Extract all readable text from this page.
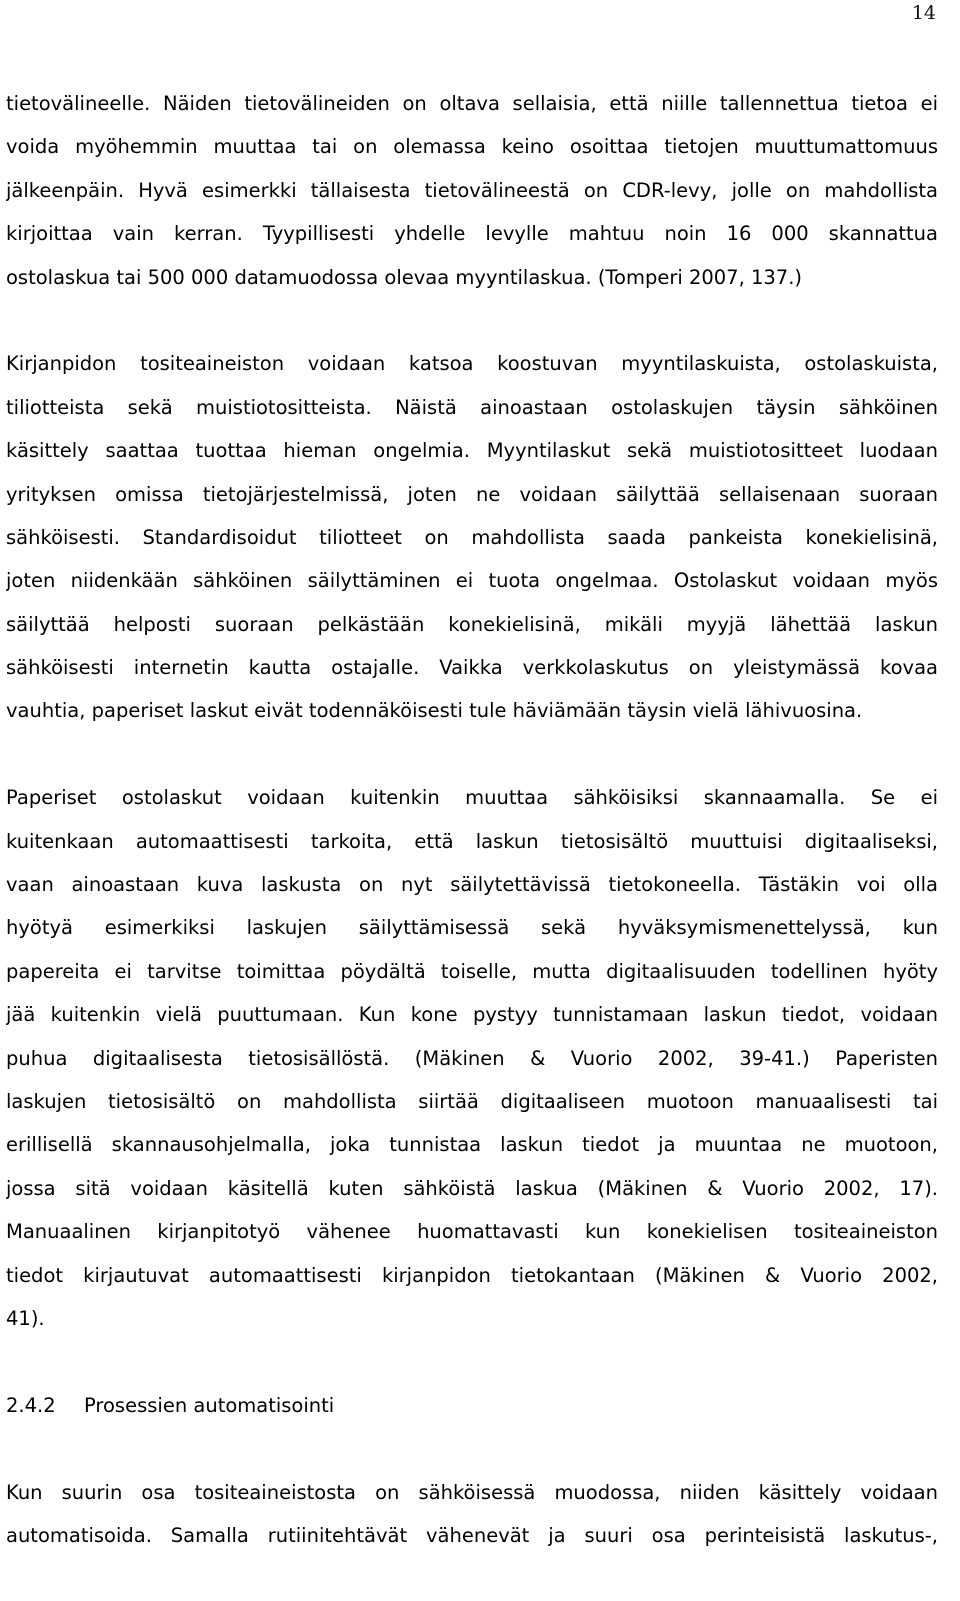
14
tietovälineelle. Näiden tietovälineiden on oltava sellaisia, että niille tallennettua tietoa ei
voida myöhemmin muuttaa tai on olemassa keino osoittaa tietojen muuttumattomuus
jälkeenpäin. Hyvä esimerkki tällaisesta tietovälineestä on CDR-levy, jolle on mahdollista
kirjoittaa vain kerran. Tyypillisesti yhdelle levylle mahtuu noin 16 000 skannattua
ostolaskua tai 500 000 datamuodossa olevaa myyntilaskua. (Tomperi 2007, 137.)
Kirjanpidon tositeaineiston voidaan katsoa koostuvan myyntilaskuista, ostolaskuista,
tiliotteista sekä muistiotositteista. Näistä ainoastaan ostolaskujen täysin sähköinen
käsittely saattaa tuottaa hieman ongelmia. Myyntilaskut sekä muistiotositteet luodaan
yrityksen omissa tietojärjestelmissä, joten ne voidaan säilyttää sellaisenaan suoraan
sähköisesti. Standardisoidut tiliotteet on mahdollista saada pankeista konekielisinä,
joten niidenkään sähköinen säilyttäminen ei tuota ongelmaa. Ostolaskut voidaan myös
säilyttää helposti suoraan pelkästään konekielisinä, mikäli myyjä lähettää laskun
sähköisesti internetin kautta ostajalle. Vaikka verkkolaskutus on yleistymässä kovaa
vauhtia, paperiset laskut eivät todennäköisesti tule häviämään täysin vielä lähivuosina.
Paperiset ostolaskut voidaan kuitenkin muuttaa sähköisiksi skannaamalla. Se ei
kuitenkaan automaattisesti tarkoita, että laskun tietosisältö muuttuisi digitaaliseksi,
vaan ainoastaan kuva laskusta on nyt säilytettävissä tietokoneella. Tästäkin voi olla
hyötyä esimerkiksi laskujen säilyttämisessä sekä hyväksymismenettelyssä, kun
papereita ei tarvitse toimittaa pöydältä toiselle, mutta digitaalisuuden todellinen hyöty
jää kuitenkin vielä puuttumaan. Kun kone pystyy tunnistamaan laskun tiedot, voidaan
puhua digitaalisesta tietosisällöstä. (Mäkinen & Vuorio 2002, 39-41.) Paperisten
laskujen tietosisältö on mahdollista siirtää digitaaliseen muotoon manuaalisesti tai
erillisellä skannausohjelmalla, joka tunnistaa laskun tiedot ja muuntaa ne muotoon,
jossa sitä voidaan käsitellä kuten sähköistä laskua (Mäkinen & Vuorio 2002, 17).
Manuaalinen kirjanpitotyö vähenee huomattavasti kun konekielisen tositeaineiston
tiedot kirjautuvat automaattisesti kirjanpidon tietokantaan (Mäkinen & Vuorio 2002,
41).
2.4.2 Prosessien automatisointi
Kun suurin osa tositeaineistosta on sähköisessä muodossa, niiden käsittely voidaan
automatisoida. Samalla rutiinitehtävät vähenevät ja suuri osa perinteisistä laskutus-,
